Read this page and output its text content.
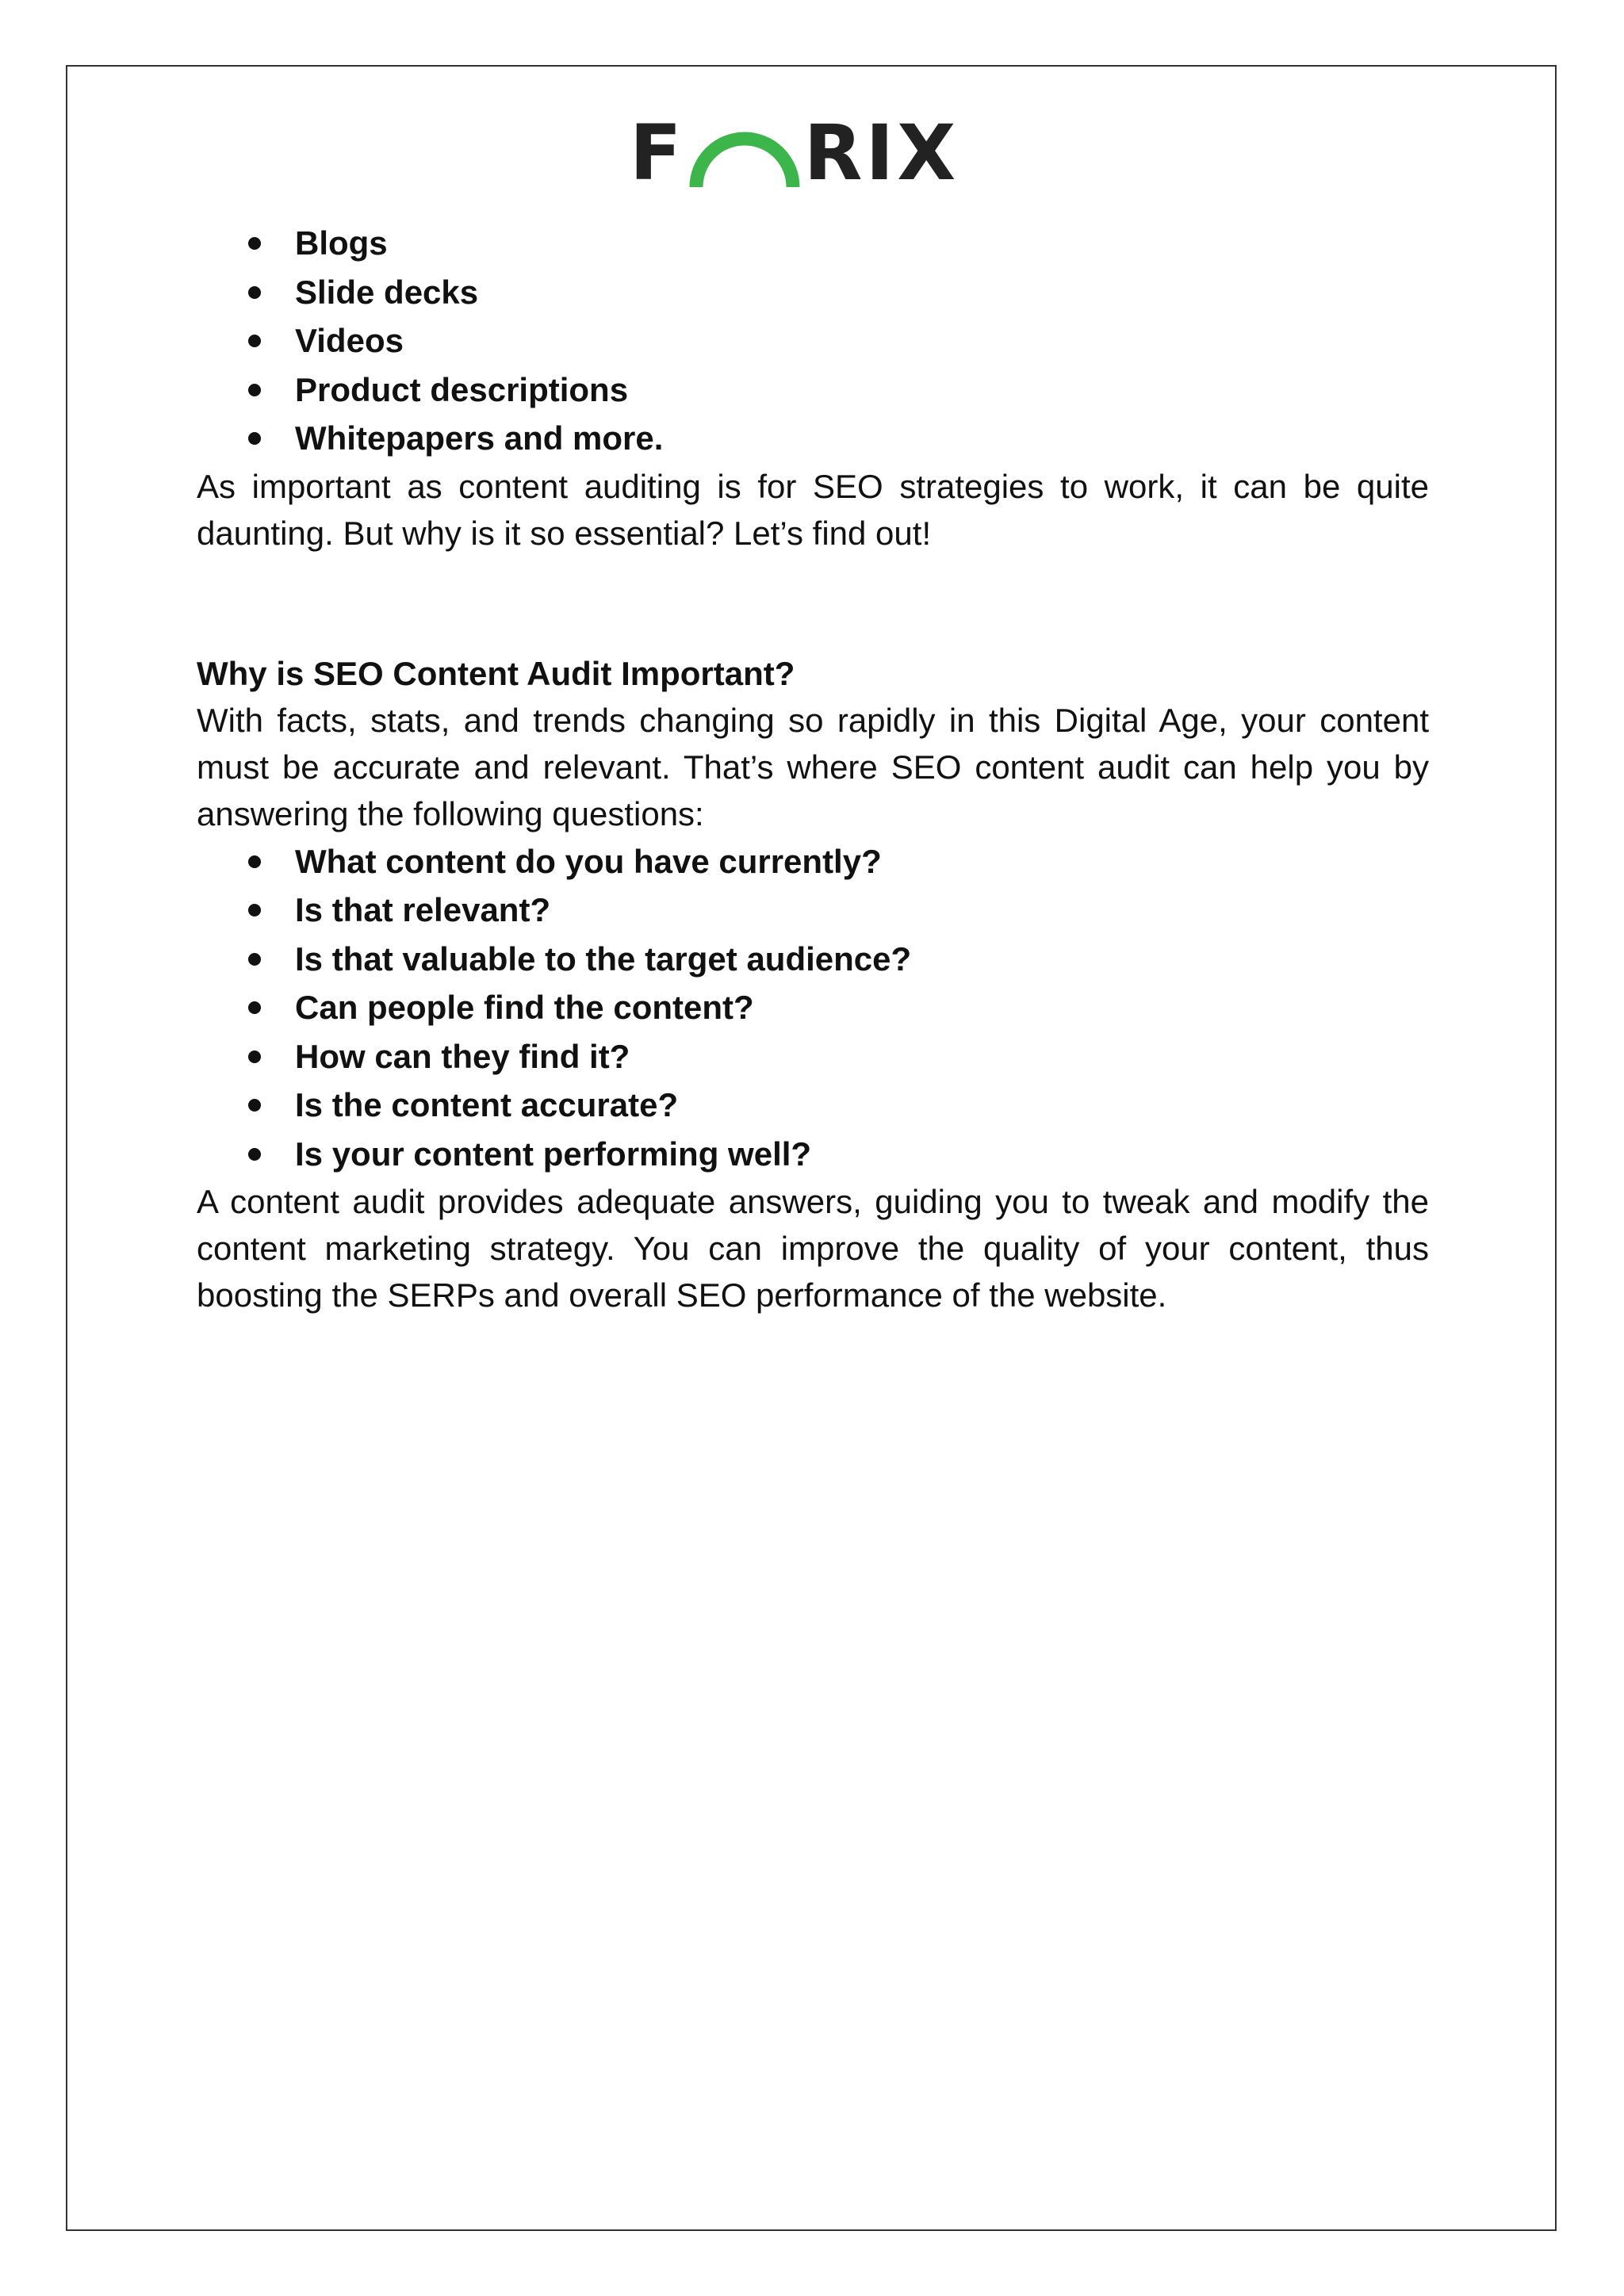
F RIX
Blogs
Slide decks
Videos
Product descriptions
Whitepapers and more.

As important as content auditing is for SEO strategies to work, it can be quite daunting. But why is it so essential? Let’s find out!

Why is SEO Content Audit Important?

With facts, stats, and trends changing so rapidly in this Digital Age, your content must be accurate and relevant. That’s where SEO content audit can help you by answering the following questions:

What content do you have currently?
Is that relevant?
Is that valuable to the target audience?
Can people find the content?
How can they find it?
Is the content accurate?
Is your content performing well?

A content audit provides adequate answers, guiding you to tweak and modify the content marketing strategy. You can improve the quality of your content, thus boosting the SERPs and overall SEO performance of the website.
